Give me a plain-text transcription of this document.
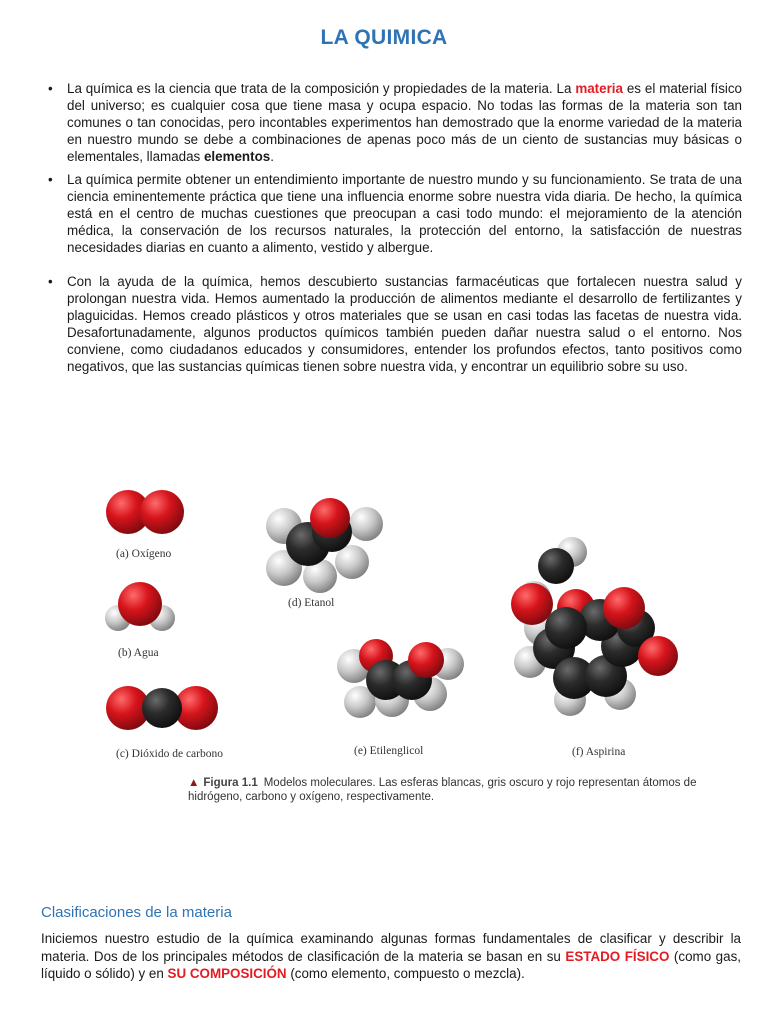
LA QUIMICA
• La química es la ciencia que trata de la composición y propiedades de la materia. La materia es el material físico del universo; es cualquier cosa que tiene masa y ocupa espacio. No todas las formas de la materia son tan comunes o tan conocidas, pero incontables experimentos han demostrado que la enorme variedad de la materia en nuestro mundo se debe a combinaciones de apenas poco más de un ciento de sustancias muy básicas o elementales, llamadas elementos.
• La química permite obtener un entendimiento importante de nuestro mundo y su funcionamiento. Se trata de una ciencia eminentemente práctica que tiene una influencia enorme sobre nuestra vida diaria. De hecho, la química está en el centro de muchas cuestiones que preocupan a casi todo mundo: el mejoramiento de la atención médica, la conservación de los recursos naturales, la protección del entorno, la satisfacción de nuestras necesidades diarias en cuanto a alimento, vestido y albergue.
• Con la ayuda de la química, hemos descubierto sustancias farmacéuticas que fortalecen nuestra salud y prolongan nuestra vida. Hemos aumentado la producción de alimentos mediante el desarrollo de fertilizantes y plaguicidas. Hemos creado plásticos y otros materiales que se usan en casi todas las facetas de nuestra vida. Desafortunadamente, algunos productos químicos también pueden dañar nuestra salud o el entorno. Nos conviene, como ciudadanos educados y consumidores, entender los profundos efectos, tanto positivos como negativos, que las sustancias químicas tienen sobre nuestra vida, y encontrar un equilibrio sobre su uso.
(a) Oxígeno
(b) Agua
(c) Dióxido de carbono
(d) Etanol
(e) Etilenglicol	(f) Aspirina
▲ Figura 1.1 Modelos moleculares. Las esferas blancas, gris oscuro y rojo representan átomos de hidrógeno, carbono y oxígeno, respectivamente.
Clasificaciones de la materia

Iniciemos nuestro estudio de la química examinando algunas formas fundamentales de clasificar y describir la materia. Dos de los principales métodos de clasificación de la materia se basan en su ESTADO FÍSICO (como gas, líquido o sólido) y en SU COMPOSICIÓN (como elemento, compuesto o mezcla).
